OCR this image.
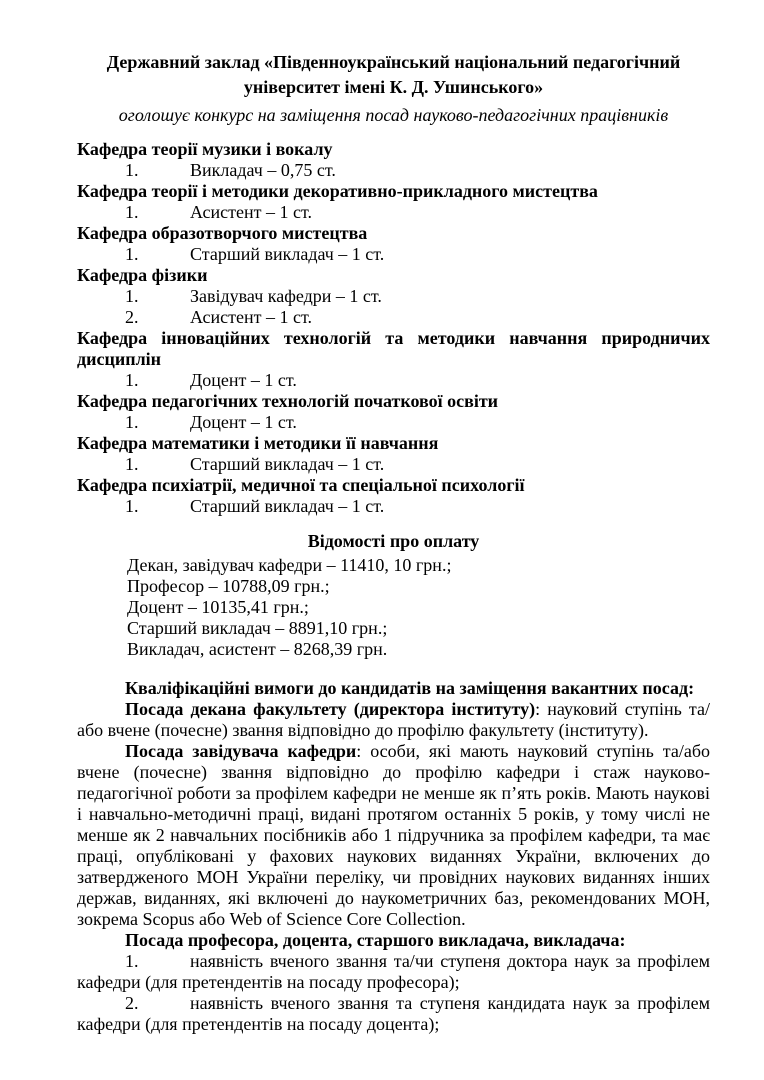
Державний заклад «Південноукраїнський національний педагогічний
університет імені К. Д. Ушинського»
оголошує конкурс на заміщення посад науково-педагогічних працівників
Кафедра теорії музики і вокалу
1.	Викладач – 0,75 ст.
Кафедра теорії і методики декоративно-прикладного мистецтва
1.	Асистент – 1 ст.
Кафедра образотворчого мистецтва
1.	Старший викладач – 1 ст.
Кафедра фізики
1.	Завідувач кафедри – 1 ст.
2.	Асистент – 1 ст.
Кафедра інноваційних технологій та методики навчання природничих дисциплін
1.	Доцент – 1 ст.
Кафедра педагогічних технологій початкової освіти
1.	Доцент – 1 ст.
Кафедра математики і методики її навчання
1.	Старший викладач – 1 ст.
Кафедра психіатрії, медичної та спеціальної психології
1.	Старший викладач – 1 ст.
Відомості про оплату
Декан, завідувач кафедри – 11410, 10 грн.;
Професор – 10788,09 грн.;
Доцент – 10135,41 грн.;
Старший викладач – 8891,10 грн.;
Викладач, асистент – 8268,39 грн.

Кваліфікаційні вимоги до кандидатів на заміщення вакантних посад:

Посада декана факультету (директора інституту): науковий ступінь та/або вчене (почесне) звання відповідно до профілю факультету (інституту).

Посада завідувача кафедри: особи, які мають науковий ступінь та/або вчене (почесне) звання відповідно до профілю кафедри і стаж науково-педагогічної роботи за профілем кафедри не менше як п’ять років. Мають наукові і навчально-методичні праці, видані протягом останніх 5 років, у тому числі не менше як 2 навчальних посібників або 1 підручника за профілем кафедри, та має праці, опубліковані у фахових наукових виданнях України, включених до затвердженого МОН України переліку, чи провідних наукових виданнях інших держав, виданнях, які включені до наукометричних баз, рекомендованих МОН, зокрема Scopus або Web of Science Core Collection.

Посада професора, доцента, старшого викладача, викладача:

1.	наявність вченого звання та/чи ступеня доктора наук за профілем кафедри (для претендентів на посаду професора);

2.	наявність вченого звання та ступеня кандидата наук за профілем кафедри (для претендентів на посаду доцента);
